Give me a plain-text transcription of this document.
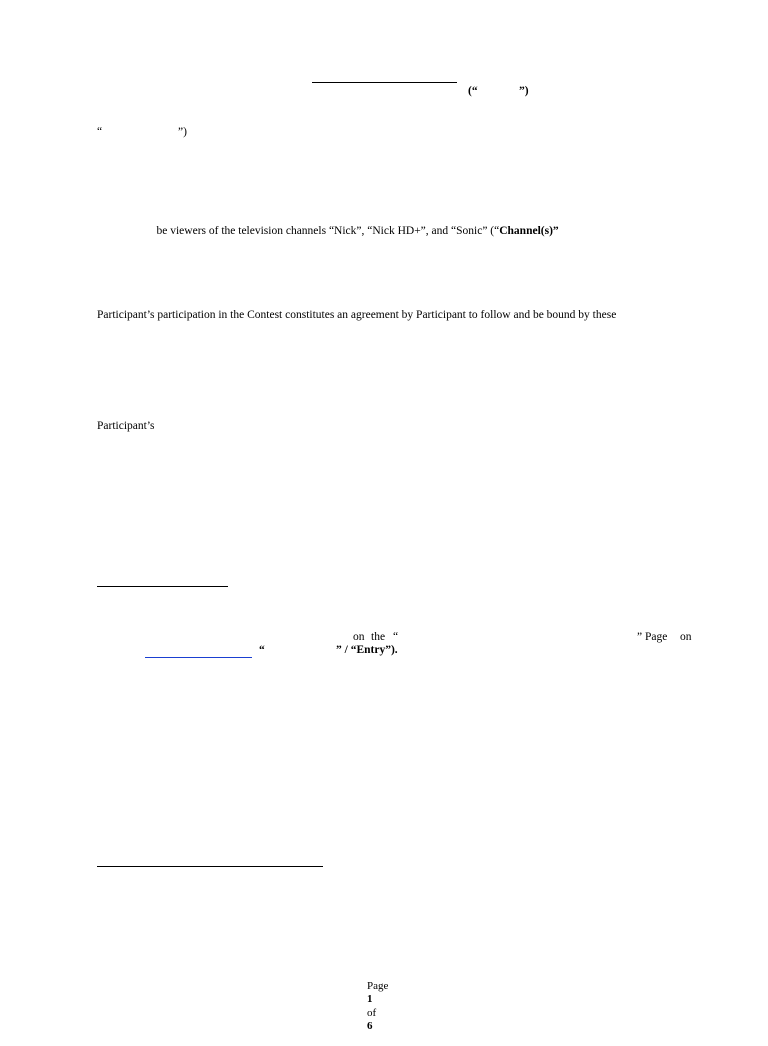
(“	”)
“	”)

be viewers of the television channels “Nick”, “Nick HD+”, and “Sonic” (“Channel(s)”

Participant’s participation in the Contest constitutes an agreement by Participant to follow and be bound by these
Participant’s
on the “	” Page on
“	” / “Entry”).

Page
1
of
6
